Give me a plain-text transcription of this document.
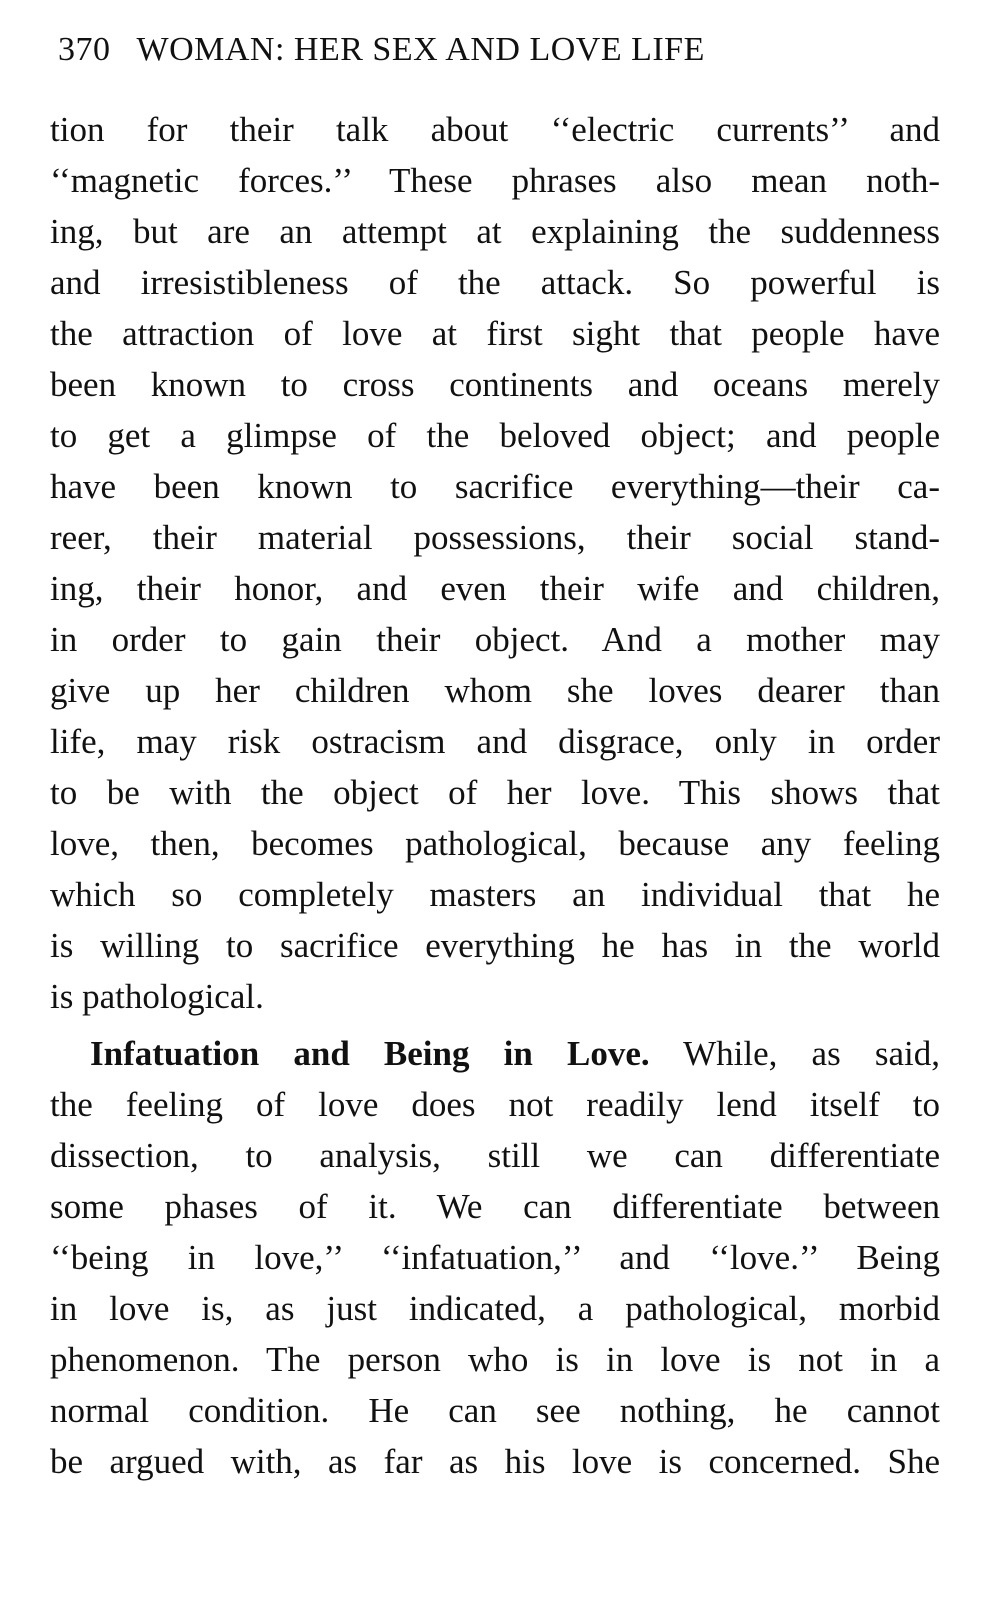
370 WOMAN: HER SEX AND LOVE LIFE
tion for their talk about ‘‘electric currents’’ and
‘‘magnetic forces.’’ These phrases also mean noth-
ing, but are an attempt at explaining the suddenness
and irresistibleness of the attack. So powerful is
the attraction of love at first sight that people have
been known to cross continents and oceans merely
to get a glimpse of the beloved object; and people
have been known to sacrifice everything—their ca-
reer, their material possessions, their social stand-
ing, their honor, and even their wife and children,
in order to gain their object. And a mother may
give up her children whom she loves dearer than
life, may risk ostracism and disgrace, only in order
to be with the object of her love. This shows that
love, then, becomes pathological, because any feeling
which so completely masters an individual that he
is willing to sacrifice everything he has in the world
is pathological.
Infatuation and Being in Love. While, as said,
the feeling of love does not readily lend itself to
dissection, to analysis, still we can differentiate
some phases of it. We can differentiate between
‘‘being in love,’’ ‘‘infatuation,’’ and ‘‘love.’’ Being
in love is, as just indicated, a pathological, morbid
phenomenon. The person who is in love is not in a
normal condition. He can see nothing, he cannot
be argued with, as far as his love is concerned. She
